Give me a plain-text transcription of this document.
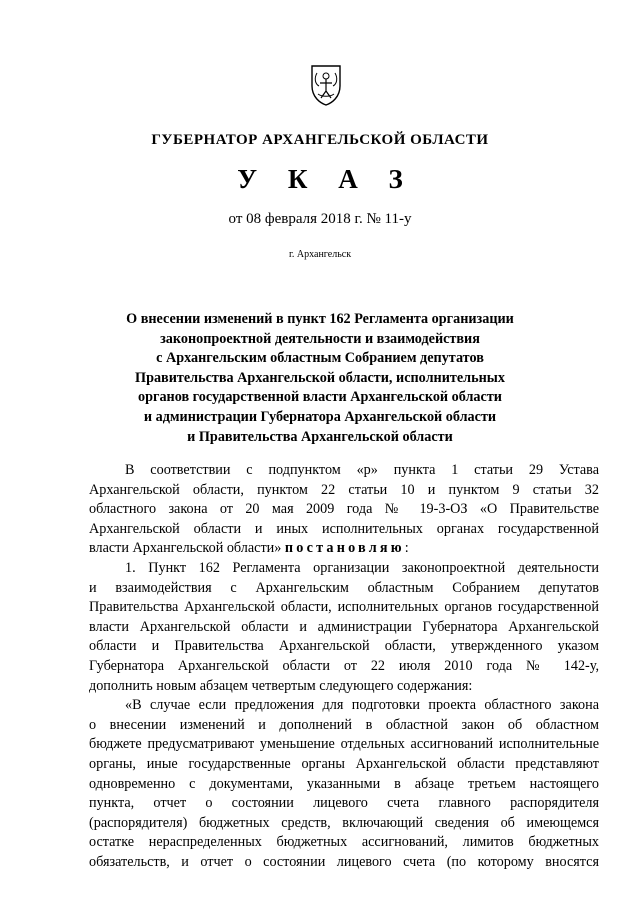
ГУБЕРНАТОР АРХАНГЕЛЬСКОЙ ОБЛАСТИ
У К А З
от 08 февраля 2018 г. № 11-у
г. Архангельск
О внесении изменений в пункт 162 Регламента организации
законопроектной деятельности и взаимодействия
с Архангельским областным Собранием депутатов
Правительства Архангельской области, исполнительных
органов государственной власти Архангельской области
и администрации Губернатора Архангельской области
и Правительства Архангельской области
В соответствии с подпунктом «р» пункта 1 статьи 29 Устава
Архангельской области, пунктом 22 статьи 10 и пунктом 9 статьи 32
областного закона от 20 мая 2009 года № 19-3-ОЗ «О Правительстве
Архангельской области и иных исполнительных органах государственной
власти Архангельской области» постановляю:
1. Пункт 162 Регламента организации законопроектной деятельности
и взаимодействия с Архангельским областным Собранием депутатов
Правительства Архангельской области, исполнительных органов государственной
власти Архангельской области и администрации Губернатора Архангельской
области и Правительства Архангельской области, утвержденного указом
Губернатора Архангельской области от 22 июля 2010 года № 142-у,
дополнить новым абзацем четвертым следующего содержания:
«В случае если предложения для подготовки проекта областного закона
о внесении изменений и дополнений в областной закон об областном
бюджете предусматривают уменьшение отдельных ассигнований исполнительные
органы, иные государственные органы Архангельской области представляют
одновременно с документами, указанными в абзаце третьем настоящего
пункта, отчет о состоянии лицевого счета главного распорядителя
(распорядителя) бюджетных средств, включающий сведения об имеющемся
остатке нераспределенных бюджетных ассигнований, лимитов бюджетных
обязательств, и отчет о состоянии лицевого счета (по которому вносятся
